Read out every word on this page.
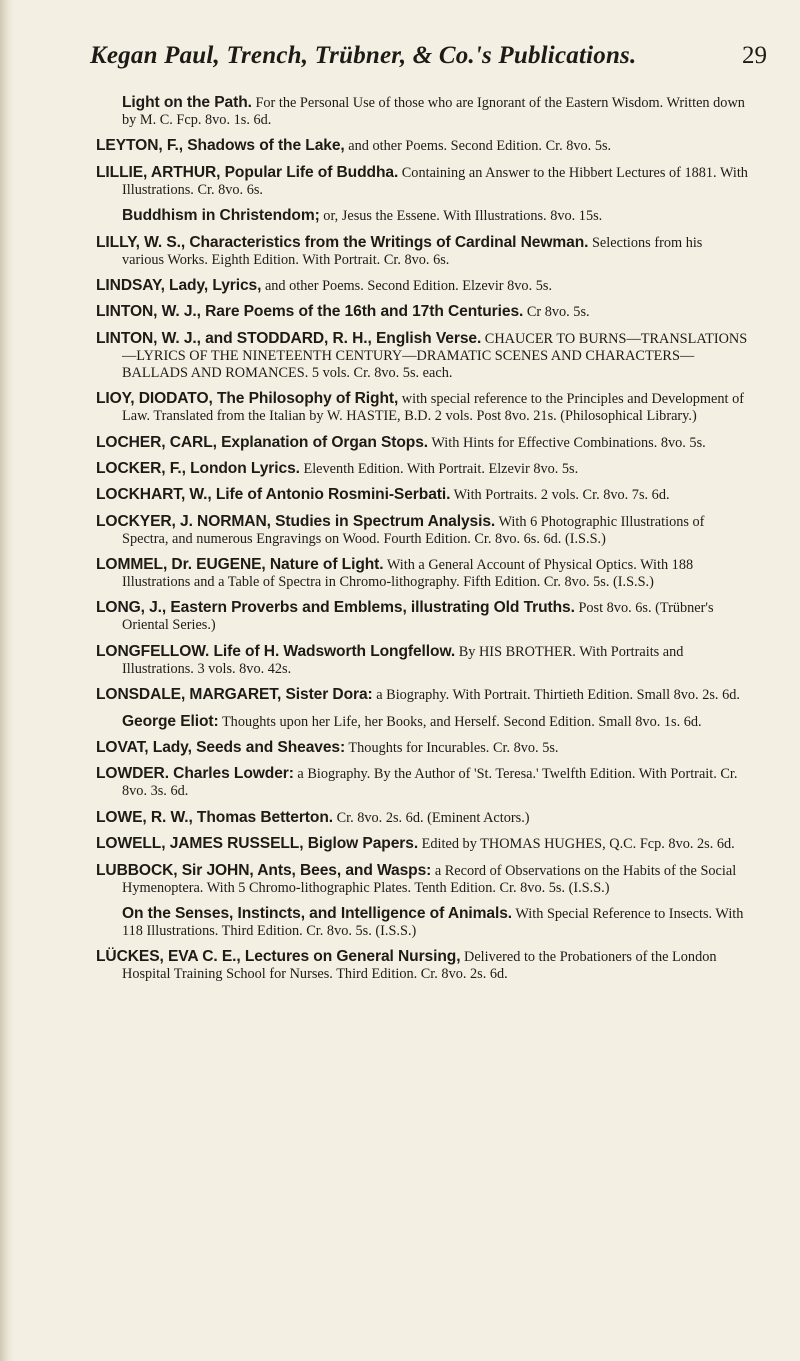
Kegan Paul, Trench, Trübner, & Co.'s Publications.	29

Light on the Path. For the Personal Use of those who are Ignorant of the Eastern Wisdom. Written down by M. C. Fcp. 8vo. 1s. 6d.

LEYTON, F., Shadows of the Lake, and other Poems. Second Edition. Cr. 8vo. 5s.

LILLIE, ARTHUR, Popular Life of Buddha. Containing an Answer to the Hibbert Lectures of 1881. With Illustrations. Cr. 8vo. 6s.

Buddhism in Christendom; or, Jesus the Essene. With Illustrations. 8vo. 15s.

LILLY, W. S., Characteristics from the Writings of Cardinal Newman. Selections from his various Works. Eighth Edition. With Portrait. Cr. 8vo. 6s.

LINDSAY, Lady, Lyrics, and other Poems. Second Edition. Elzevir 8vo. 5s.

LINTON, W. J., Rare Poems of the 16th and 17th Centuries. Cr 8vo. 5s.

LINTON, W. J., and STODDARD, R. H., English Verse. CHAUCER TO BURNS—TRANSLATIONS—LYRICS OF THE NINETEENTH CENTURY—DRAMATIC SCENES AND CHARACTERS—BALLADS AND ROMANCES. 5 vols. Cr. 8vo. 5s. each.

LIOY, DIODATO, The Philosophy of Right, with special reference to the Principles and Development of Law. Translated from the Italian by W. HASTIE, B.D. 2 vols. Post 8vo. 21s. (Philosophical Library.)

LOCHER, CARL, Explanation of Organ Stops. With Hints for Effective Combinations. 8vo. 5s.

LOCKER, F., London Lyrics. Eleventh Edition. With Portrait. Elzevir 8vo. 5s.

LOCKHART, W., Life of Antonio Rosmini-Serbati. With Portraits. 2 vols. Cr. 8vo. 7s. 6d.

LOCKYER, J. NORMAN, Studies in Spectrum Analysis. With 6 Photographic Illustrations of Spectra, and numerous Engravings on Wood. Fourth Edition. Cr. 8vo. 6s. 6d. (I.S.S.)

LOMMEL, Dr. EUGENE, Nature of Light. With a General Account of Physical Optics. With 188 Illustrations and a Table of Spectra in Chromo-lithography. Fifth Edition. Cr. 8vo. 5s. (I.S.S.)

LONG, J., Eastern Proverbs and Emblems, illustrating Old Truths. Post 8vo. 6s. (Trübner's Oriental Series.)

LONGFELLOW. Life of H. Wadsworth Longfellow. By HIS BROTHER. With Portraits and Illustrations. 3 vols. 8vo. 42s.

LONSDALE, MARGARET, Sister Dora: a Biography. With Portrait. Thirtieth Edition. Small 8vo. 2s. 6d.

George Eliot: Thoughts upon her Life, her Books, and Herself. Second Edition. Small 8vo. 1s. 6d.

LOVAT, Lady, Seeds and Sheaves: Thoughts for Incurables. Cr. 8vo. 5s.

LOWDER. Charles Lowder: a Biography. By the Author of 'St. Teresa.' Twelfth Edition. With Portrait. Cr. 8vo. 3s. 6d.

LOWE, R. W., Thomas Betterton. Cr. 8vo. 2s. 6d. (Eminent Actors.)

LOWELL, JAMES RUSSELL, Biglow Papers. Edited by THOMAS HUGHES, Q.C. Fcp. 8vo. 2s. 6d.

LUBBOCK, Sir JOHN, Ants, Bees, and Wasps: a Record of Observations on the Habits of the Social Hymenoptera. With 5 Chromo-lithographic Plates. Tenth Edition. Cr. 8vo. 5s. (I.S.S.)

On the Senses, Instincts, and Intelligence of Animals. With Special Reference to Insects. With 118 Illustrations. Third Edition. Cr. 8vo. 5s. (I.S.S.)

LÜCKES, EVA C. E., Lectures on General Nursing, Delivered to the Probationers of the London Hospital Training School for Nurses. Third Edition. Cr. 8vo. 2s. 6d.
